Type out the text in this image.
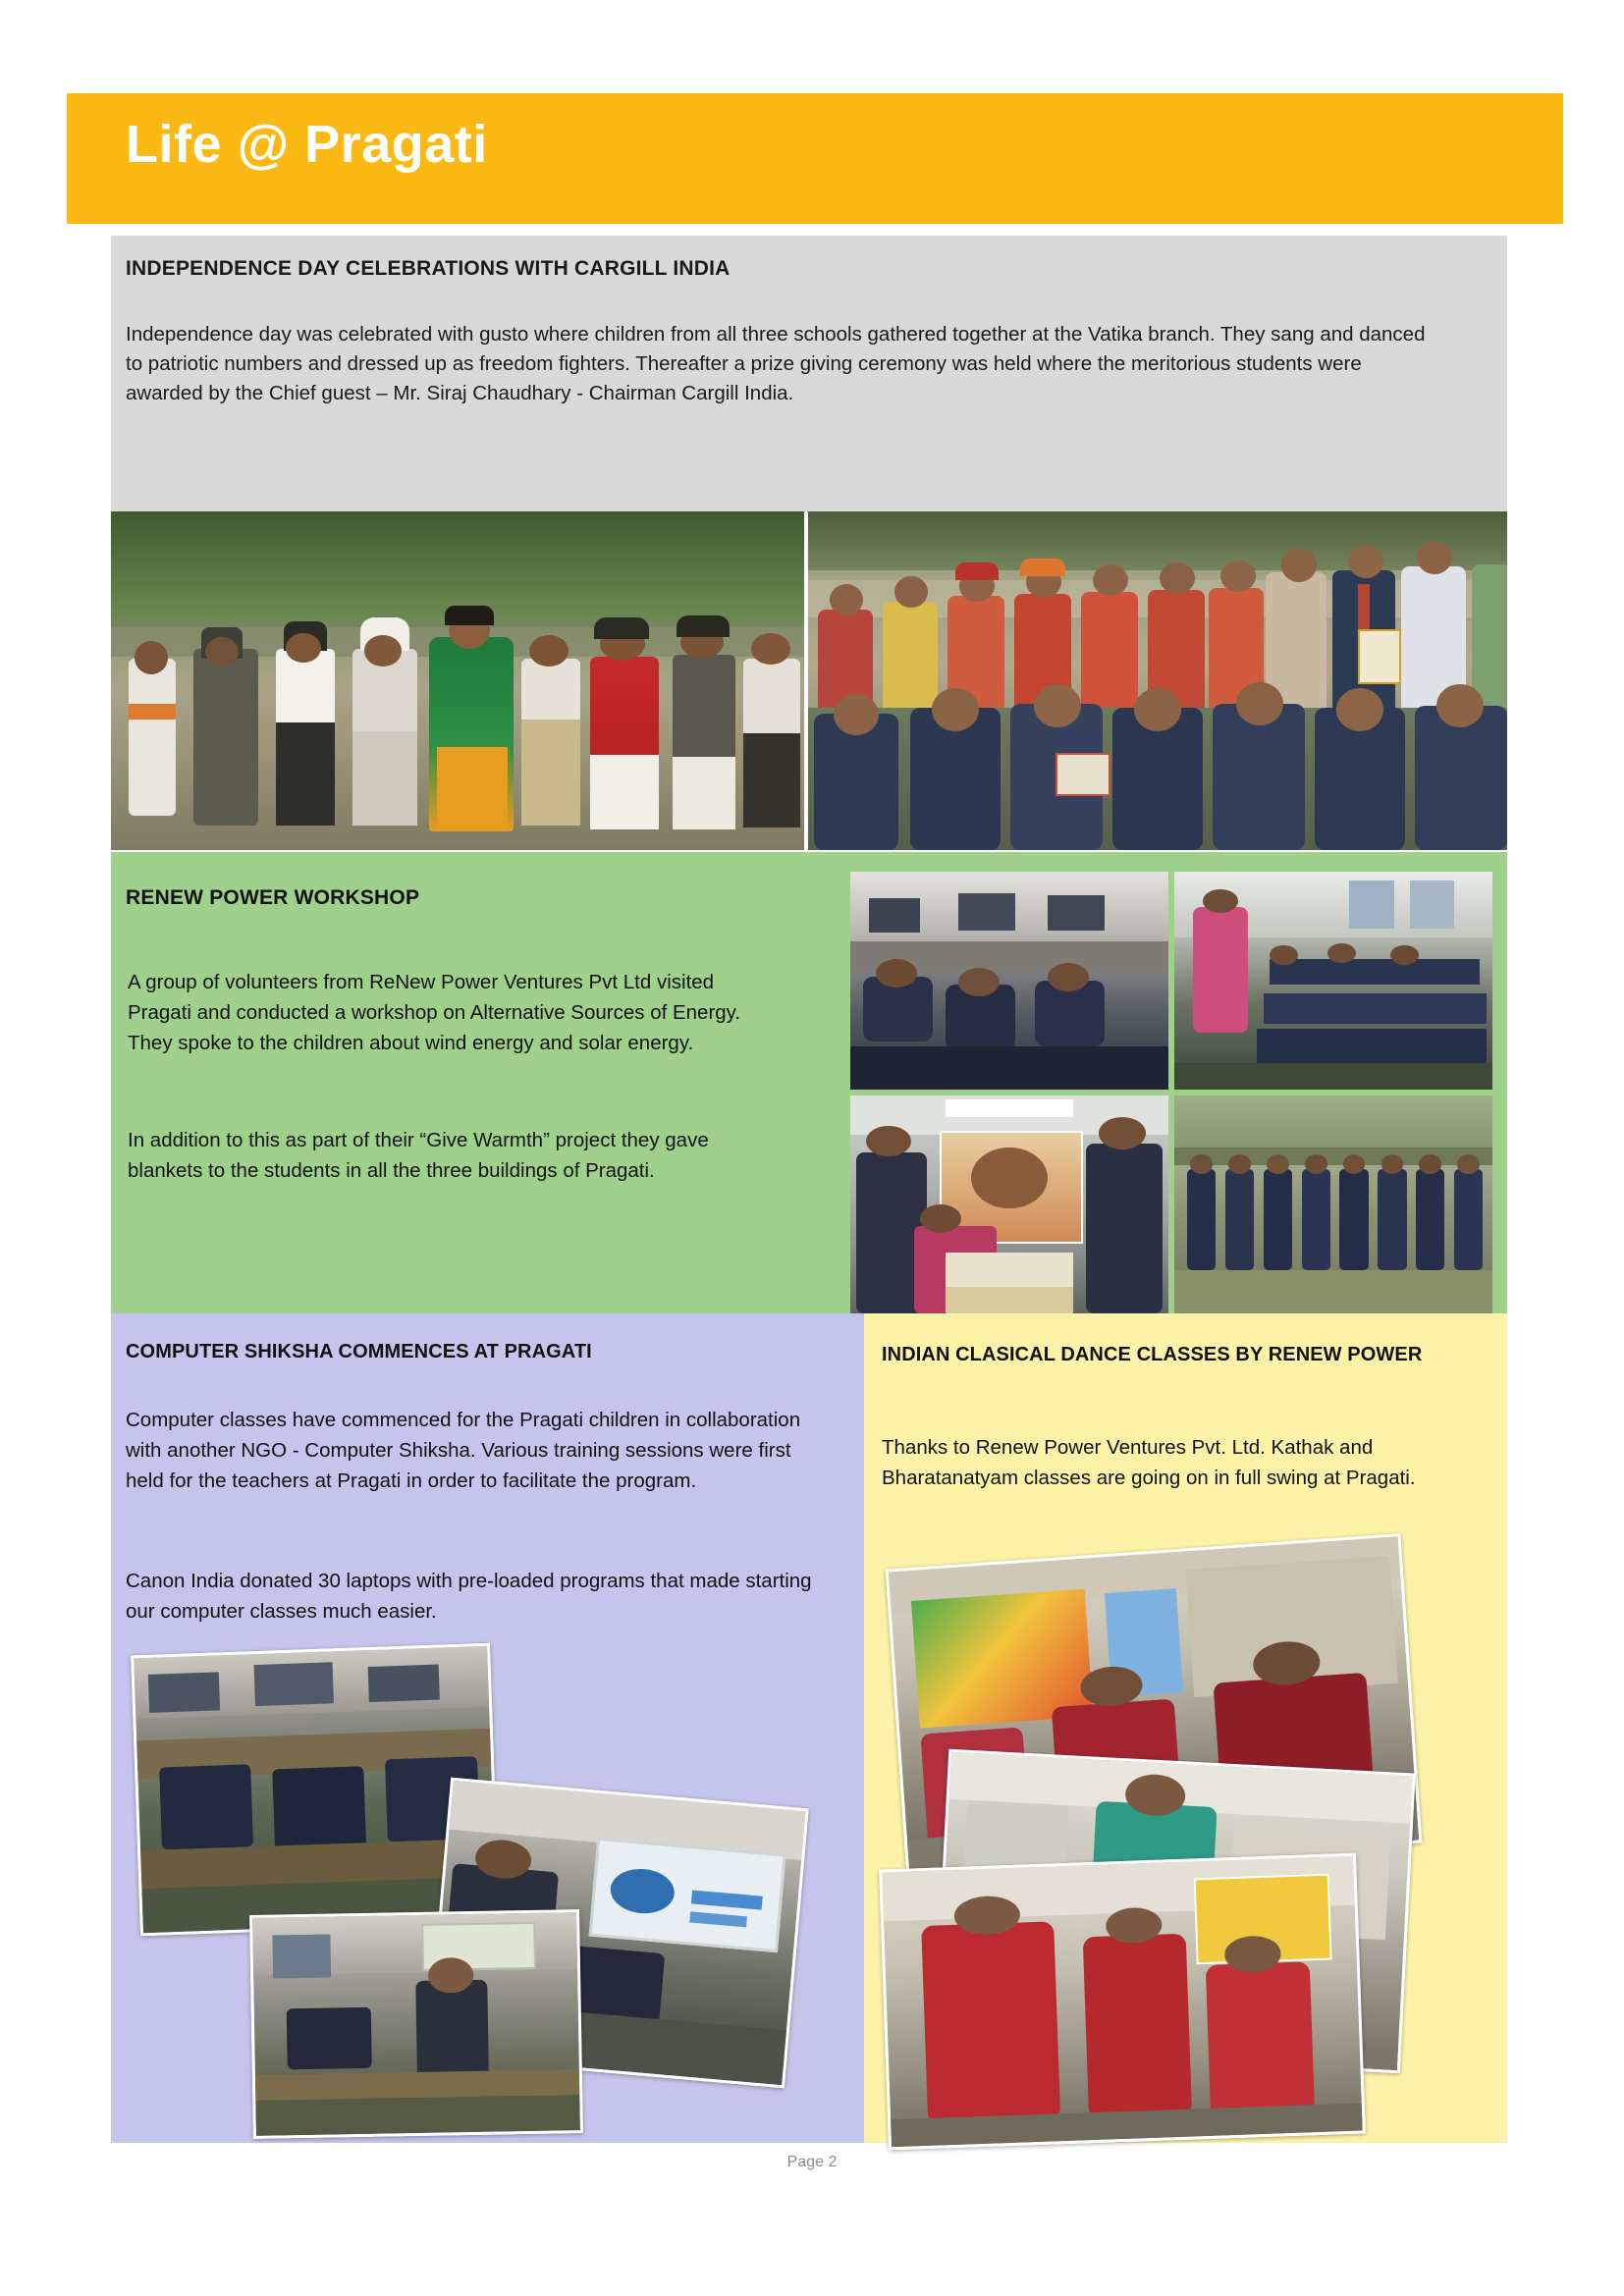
Life @ Pragati
INDEPENDENCE DAY CELEBRATIONS WITH CARGILL INDIA
Independence day was celebrated with gusto where children from all three schools gathered together at the Vatika branch. They sang and danced to patriotic numbers and dressed up as freedom fighters. Thereafter a prize giving ceremony was held where the meritorious students were awarded by the Chief guest – Mr. Siraj Chaudhary - Chairman Cargill India.
RENEW POWER WORKSHOP
A group of volunteers from ReNew Power Ventures Pvt Ltd visited Pragati and conducted a workshop on Alternative Sources of Energy. They spoke to the children about wind energy and solar energy.
In addition to this as part of their “Give Warmth” project they gave blankets to the students in all the three buildings of Pragati.
COMPUTER SHIKSHA COMMENCES AT PRAGATI
Computer classes have commenced for the Pragati children in collaboration with another NGO - Computer Shiksha. Various training sessions were first held for the teachers at Pragati in order to facilitate the program.
Canon India donated 30 laptops with pre-loaded programs that made starting our computer classes much easier.
INDIAN CLASICAL DANCE CLASSES BY RENEW POWER
Thanks to Renew Power Ventures Pvt. Ltd. Kathak and Bharatanatyam classes are going on in full swing at Pragati.
Page 2
